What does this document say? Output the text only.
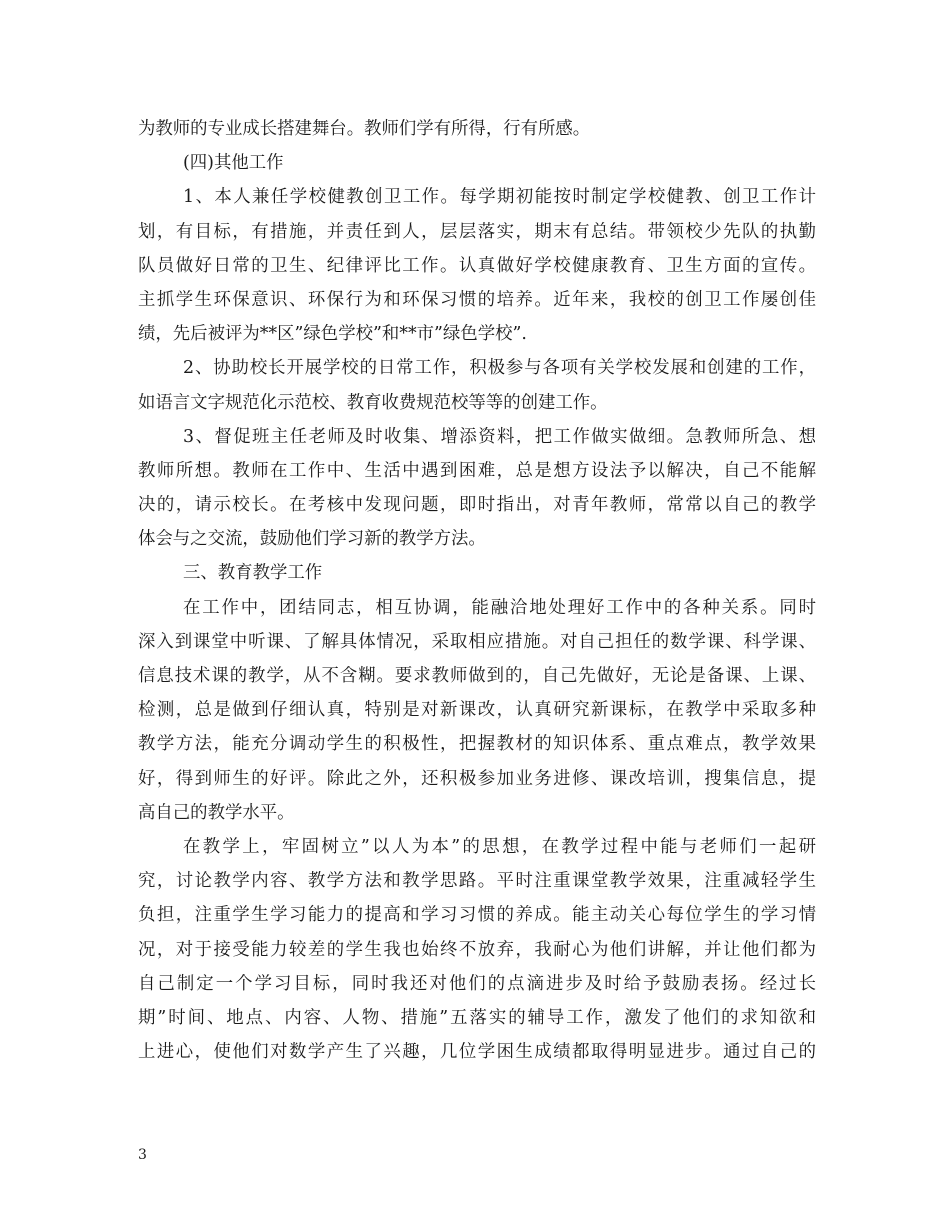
为教师的专业成长搭建舞台。教师们学有所得，行有所感。
(四)其他工作
1、本人兼任学校健教创卫工作。每学期初能按时制定学校健教、创卫工作计
划，有目标，有措施，并责任到人，层层落实，期末有总结。带领校少先队的执勤
队员做好日常的卫生、纪律评比工作。认真做好学校健康教育、卫生方面的宣传。
主抓学生环保意识、环保行为和环保习惯的培养。近年来，我校的创卫工作屡创佳
绩，先后被评为**区”绿色学校”和**市”绿色学校”.
2、协助校长开展学校的日常工作，积极参与各项有关学校发展和创建的工作，
如语言文字规范化示范校、教育收费规范校等等的创建工作。
3、督促班主任老师及时收集、增添资料，把工作做实做细。急教师所急、想
教师所想。教师在工作中、生活中遇到困难，总是想方设法予以解决，自己不能解
决的，请示校长。在考核中发现问题，即时指出，对青年教师，常常以自己的教学
体会与之交流，鼓励他们学习新的教学方法。
三、教育教学工作
在工作中，团结同志，相互协调，能融洽地处理好工作中的各种关系。同时
深入到课堂中听课、了解具体情况，采取相应措施。对自己担任的数学课、科学课、
信息技术课的教学，从不含糊。要求教师做到的，自己先做好，无论是备课、上课、
检测，总是做到仔细认真，特别是对新课改，认真研究新课标，在教学中采取多种
教学方法，能充分调动学生的积极性，把握教材的知识体系、重点难点，教学效果
好，得到师生的好评。除此之外，还积极参加业务进修、课改培训，搜集信息，提
高自己的教学水平。
在教学上，牢固树立”以人为本”的思想，在教学过程中能与老师们一起研
究，讨论教学内容、教学方法和教学思路。平时注重课堂教学效果，注重减轻学生
负担，注重学生学习能力的提高和学习习惯的养成。能主动关心每位学生的学习情
况，对于接受能力较差的学生我也始终不放弃，我耐心为他们讲解，并让他们都为
自己制定一个学习目标，同时我还对他们的点滴进步及时给予鼓励表扬。经过长
期”时间、地点、内容、人物、措施”五落实的辅导工作，激发了他们的求知欲和
上进心，使他们对数学产生了兴趣，几位学困生成绩都取得明显进步。通过自己的
3
